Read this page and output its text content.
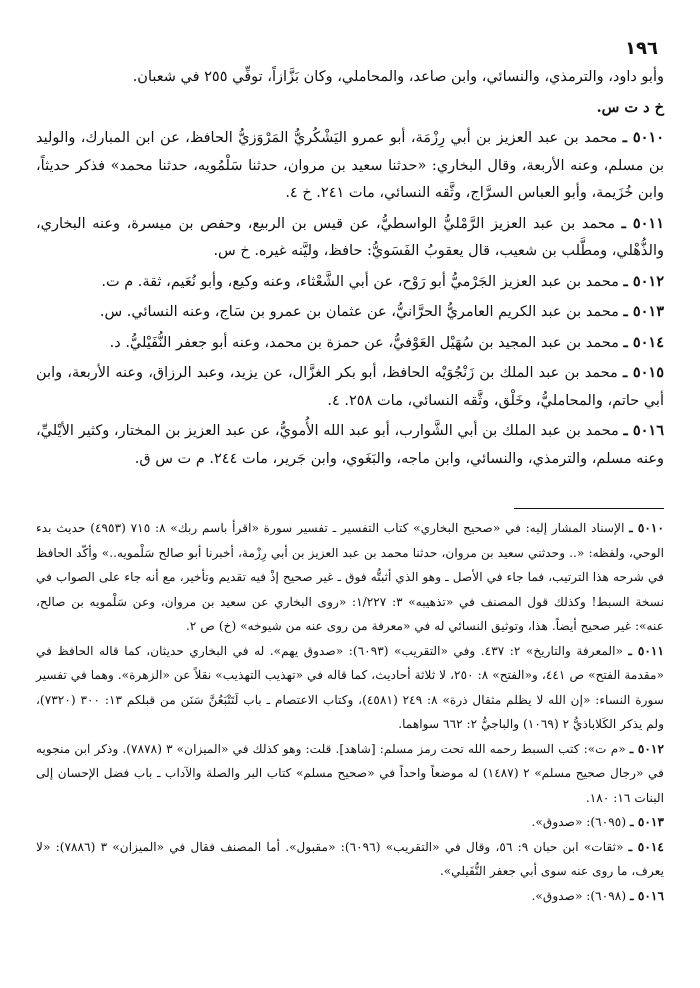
١٩٦

وأبو داود، والترمذي، والنسائي، وابن صاعد، والمحاملي، وكان بَزَّازاً، توفِّي ٢٥٥ في شعبان.

خ د ت س.

٥٠١٠ ـ محمد بن عبد العزيز بن أبي رِزْمَة، أبو عمرو اليَشْكُريُّ المَرْوَزيُّ الحافظ، عن ابن المبارك، والوليد بن مسلم، وعنه الأربعة، وقال البخاري: «حدثنا سعيد بن مروان، حدثنا سَلْمُويه، حدثنا محمد» فذكر حديثاً، وابن خُزَيمة، وأبو العباس السرَّاج، وثَّقه النسائي، مات ٢٤١. خ ٤.

٥٠١١ ـ محمد بن عبد العزيز الرَّمْليُّ الواسطيُّ، عن قيس بن الربيع، وحفص بن ميسرة، وعنه البخاري، والذُّهْلي، ومطَّلب بن شعيب، قال يعقوبُ الفَسَويُّ: حافظ، وليَّنه غيره. خ س.

٥٠١٢ ـ محمد بن عبد العزيز الجَرْميُّ أبو رَوْح، عن أبي الشَّعْثاء، وعنه وكيع، وأبو نُعَيم، ثقة. م ت.

٥٠١٣ ـ محمد بن عبد الكريم العامريُّ الحرَّانيُّ، عن عثمان بن عمرو بن سَاج، وعنه النسائي. س.

٥٠١٤ ـ محمد بن عبد المجيد بن سُهَيْل العَوْفيُّ، عن حمزة بن محمد، وعنه أبو جعفر النُّفَيْليُّ. د.

٥٠١٥ ـ محمد بن عبد الملك بن زَنْجُوَيْه الحافظ، أبو بكر الغزَّال، عن يزيد، وعبد الرزاق، وعنه الأربعة، وابن أبي حاتم، والمحامليُّ، وخَلْق، وثَّقه النسائي، مات ٢٥٨. ٤.

٥٠١٦ ـ محمد بن عبد الملك بن أبي الشَّوارب، أبو عبد الله الأُمويُّ، عن عبد العزيز بن المختار، وكثير الأيْليِّ، وعنه مسلم، والترمذي، والنسائي، وابن ماجه، والبَغَوي، وابن جَرير، مات ٢٤٤. م ت س ق.

٥٠١٠ ـ الإسناد المشار إليه: في «صحيح البخاري» كتاب التفسير ـ تفسير سورة «اقرأ باسم ربك» ٨: ٧١٥ (٤٩٥٣) حديث بدء الوحي، ولفظه: «.. وحدثني سعيد بن مروان، حدثنا محمد بن عبد العزيز بن أبي رِزْمة، أخبرنا أبو صالح سَلْمويه..» وأكّد الحافظ في شرحه هذا الترتيب، فما جاء في الأصل ـ وهو الذي أثبتُّه فوق ـ غير صحيح إذْ فيه تقديم وتأخير، مع أنه جاء على الصواب في نسخة السبط! وكذلك قول المصنف في «تذهيبه» ٣: ١/٢٢٧: «روى البخاري عن سعيد بن مروان، وعن سَلْمويه بن صالح، عنه»: غير صحيح أيضاً. هذا، وتوثيق النسائي له في «معرفة من روى عنه من شيوخه» (خ) ص ٢.

٥٠١١ ـ «المعرفة والتاريخ» ٢: ٤٣٧. وفي «التقريب» (٦٠٩٣): «صدوق يهم». له في البخاري حديثان، كما قاله الحافظ في «مقدمة الفتح» ص ٤٤١، و«الفتح» ٨: ٢٥٠، لا ثلاثة أحاديث، كما قاله في «تهذيب التهذيب» نقلاً عن «الزهرة». وهما في تفسير سورة النساء: «إن الله لا يظلم مثقال ذرة» ٨: ٢٤٩ (٤٥٨١)، وكتاب الاعتصام ـ باب لَتَتْبَعُنَّ سَنَن من قبلكم ١٣: ٣٠٠ (٧٣٢٠)، ولم يذكر الكَلاباذيُّ ٢ (١٠٦٩) والباجيُّ ٢: ٦٦٢ سواهما.

٥٠١٢ ـ «م ت»: كتب السبط رحمه الله تحت رمز مسلم: [شاهد]. قلت: وهو كذلك في «الميزان» ٣ (٧٨٧٨). وذكر ابن منجويه في «رجال صحيح مسلم» ٢ (١٤٨٧) له موضعاً واحداً في «صحيح مسلم» كتاب البر والصلة والآداب ـ باب فضل الإحسان إلى البنات ١٦: ١٨٠.

٥٠١٣ ـ (٦٠٩٥): «صدوق».

٥٠١٤ ـ «ثقات» ابن حبان ٩: ٥٦، وقال في «التقريب» (٦٠٩٦): «مقبول». أما المصنف فقال في «الميزان» ٣ (٧٨٨٦): «لا يعرف، ما روى عنه سوى أبي جعفر النُّفَيلي».

٥٠١٦ ـ (٦٠٩٨): «صدوق».
